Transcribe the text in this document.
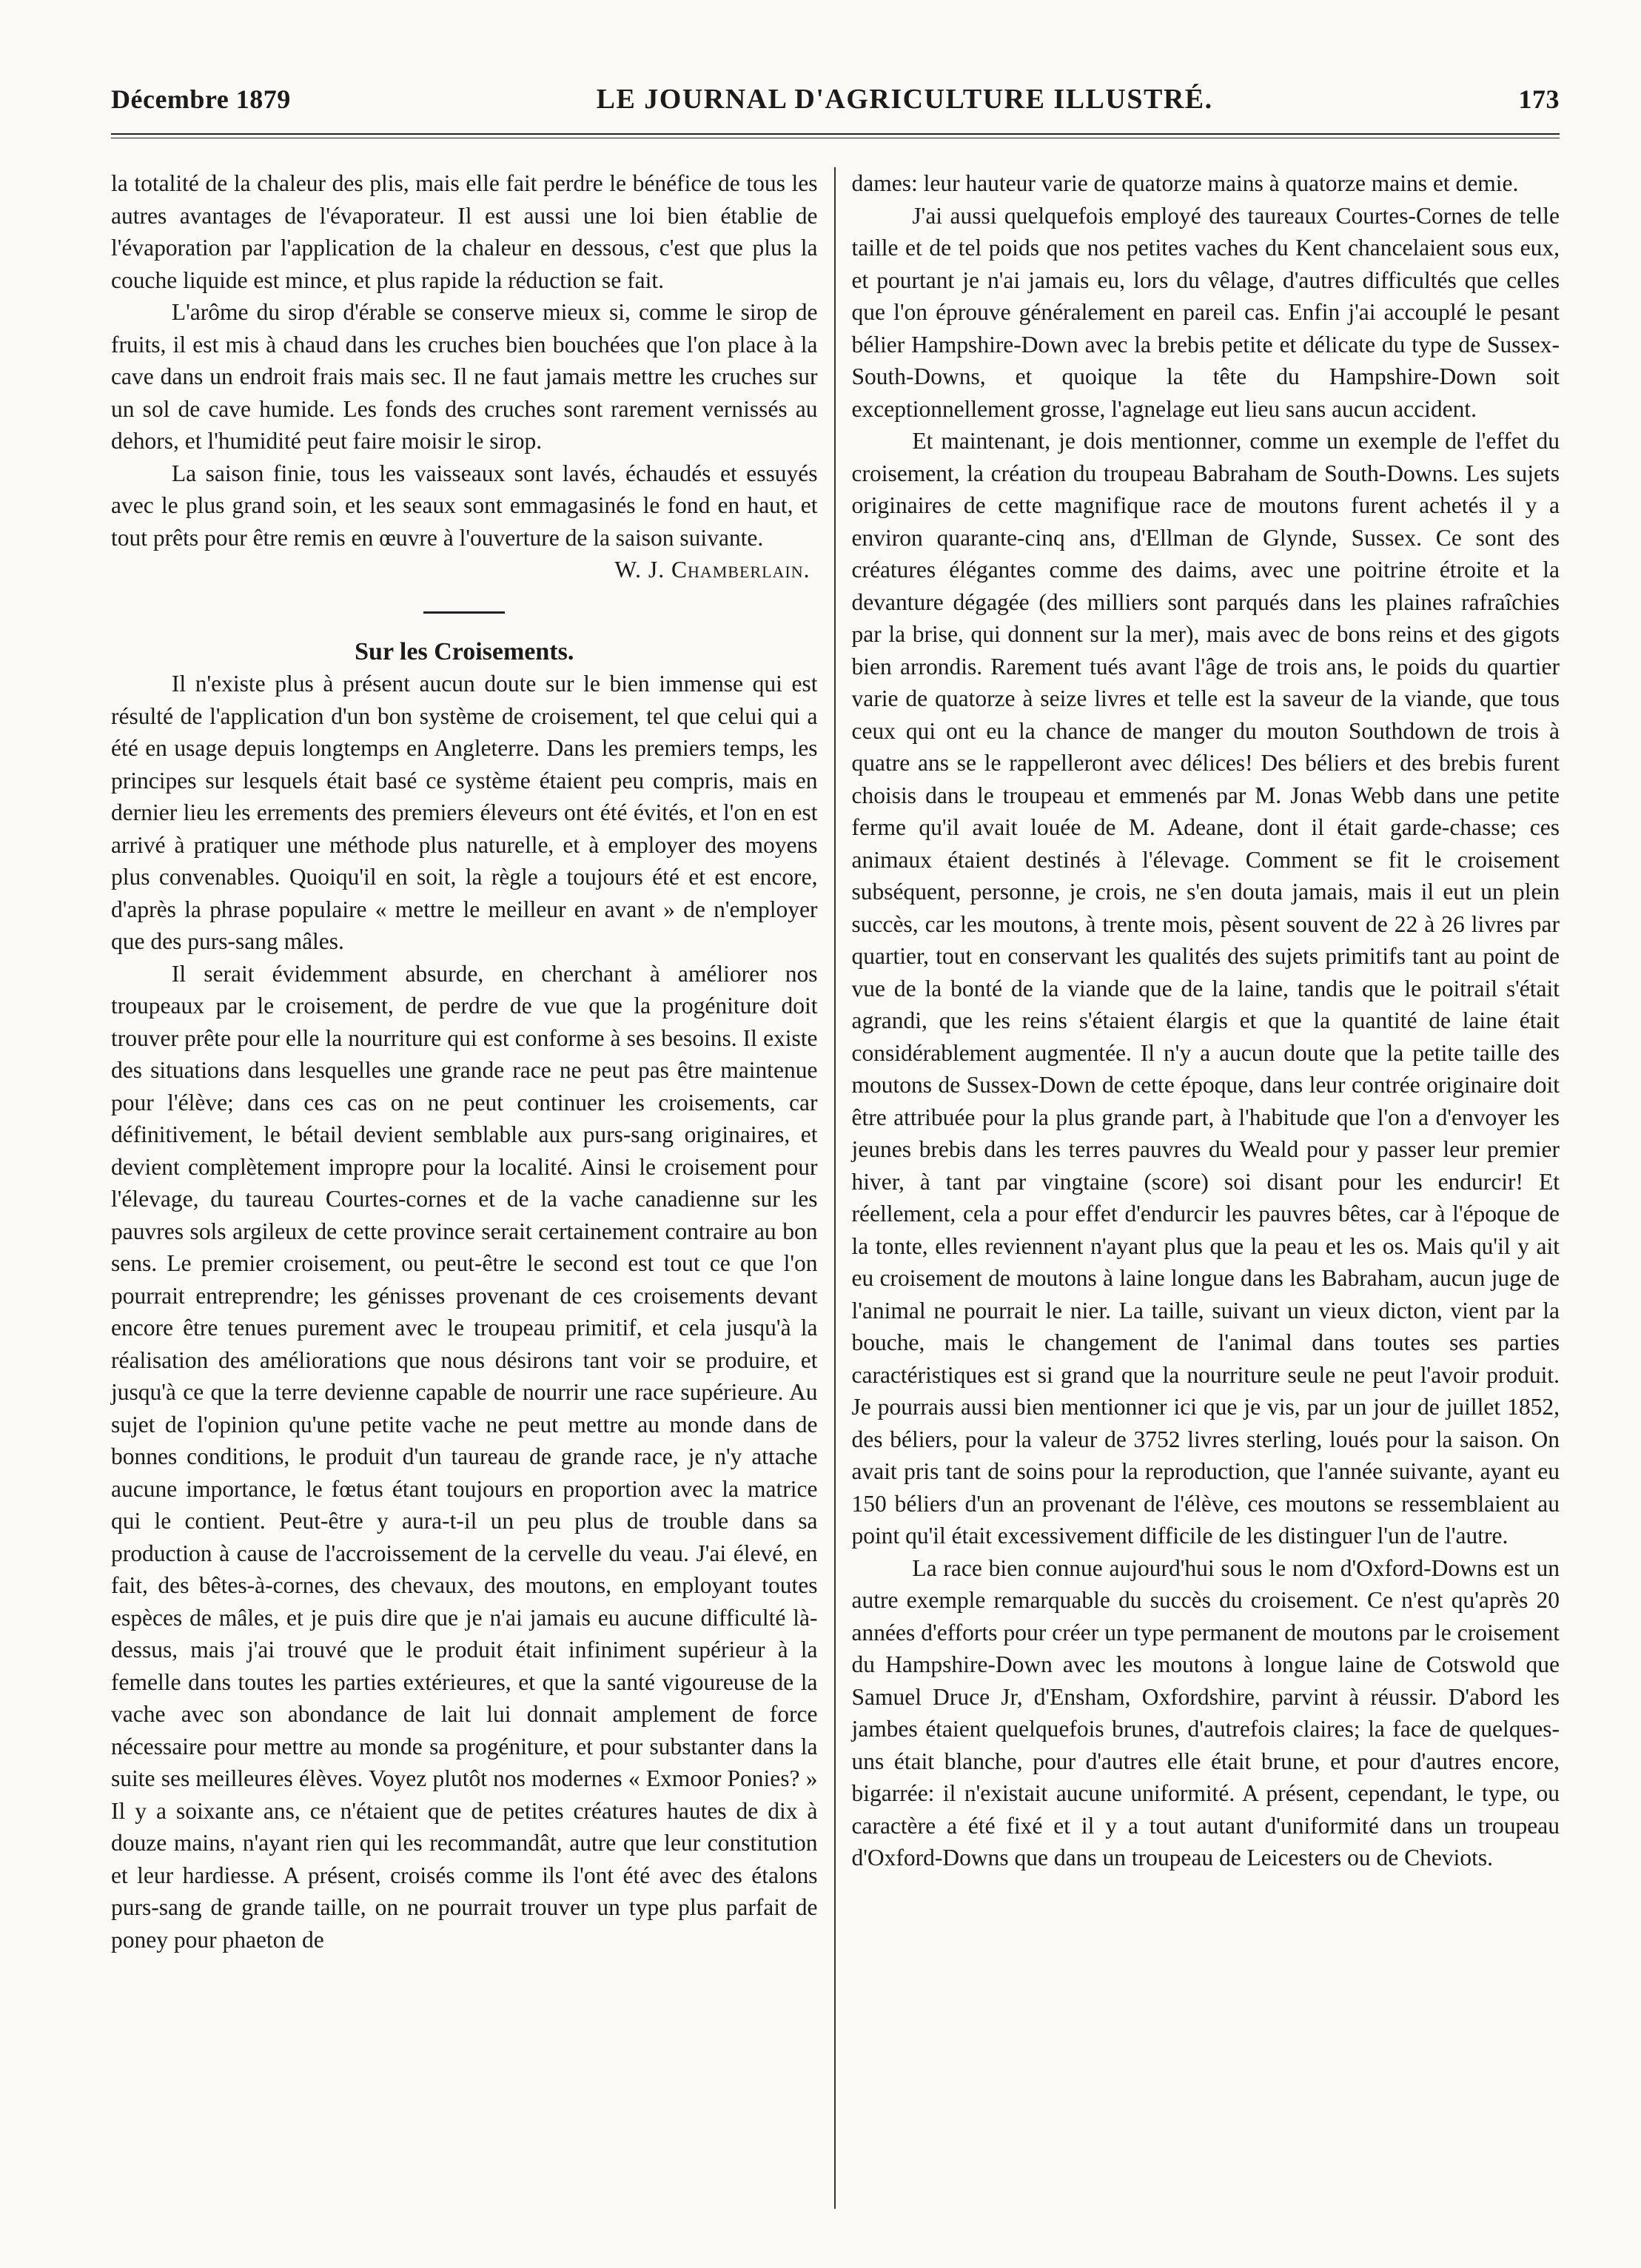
Décembre 1879	LE JOURNAL D'AGRICULTURE ILLUSTRÉ.	173

la totalité de la chaleur des plis, mais elle fait perdre le bénéfice de tous les autres avantages de l'évaporateur. Il est aussi une loi bien établie de l'évaporation par l'application de la chaleur en dessous, c'est que plus la couche liquide est mince, et plus rapide la réduction se fait.

L'arôme du sirop d'érable se conserve mieux si, comme le sirop de fruits, il est mis à chaud dans les cruches bien bouchées que l'on place à la cave dans un endroit frais mais sec. Il ne faut jamais mettre les cruches sur un sol de cave humide. Les fonds des cruches sont rarement vernissés au dehors, et l'humidité peut faire moisir le sirop.

La saison finie, tous les vaisseaux sont lavés, échaudés et essuyés avec le plus grand soin, et les seaux sont emmagasinés le fond en haut, et tout prêts pour être remis en œuvre à l'ouverture de la saison suivante.

W. J. Chamberlain.

Sur les Croisements.

Il n'existe plus à présent aucun doute sur le bien immense qui est résulté de l'application d'un bon système de croisement, tel que celui qui a été en usage depuis longtemps en Angleterre. Dans les premiers temps, les principes sur lesquels était basé ce système étaient peu compris, mais en dernier lieu les errements des premiers éleveurs ont été évités, et l'on en est arrivé à pratiquer une méthode plus naturelle, et à employer des moyens plus convenables. Quoiqu'il en soit, la règle a toujours été et est encore, d'après la phrase populaire « mettre le meilleur en avant » de n'employer que des purs-sang mâles.

Il serait évidemment absurde, en cherchant à améliorer nos troupeaux par le croisement, de perdre de vue que la progéniture doit trouver prête pour elle la nourriture qui est conforme à ses besoins. Il existe des situations dans lesquelles une grande race ne peut pas être maintenue pour l'élève; dans ces cas on ne peut continuer les croisements, car définitivement, le bétail devient semblable aux purs-sang originaires, et devient complètement impropre pour la localité. Ainsi le croisement pour l'élevage, du taureau Courtes-cornes et de la vache canadienne sur les pauvres sols argileux de cette province serait certainement contraire au bon sens. Le premier croisement, ou peut-être le second est tout ce que l'on pourrait entreprendre; les génisses provenant de ces croisements devant encore être tenues purement avec le troupeau primitif, et cela jusqu'à la réalisation des améliorations que nous désirons tant voir se produire, et jusqu'à ce que la terre devienne capable de nourrir une race supérieure. Au sujet de l'opinion qu'une petite vache ne peut mettre au monde dans de bonnes conditions, le produit d'un taureau de grande race, je n'y attache aucune importance, le fœtus étant toujours en proportion avec la matrice qui le contient. Peut-être y aura-t-il un peu plus de trouble dans sa production à cause de l'accroissement de la cervelle du veau. J'ai élevé, en fait, des bêtes-à-cornes, des chevaux, des moutons, en employant toutes espèces de mâles, et je puis dire que je n'ai jamais eu aucune difficulté là-dessus, mais j'ai trouvé que le produit était infiniment supérieur à la femelle dans toutes les parties extérieures, et que la santé vigoureuse de la vache avec son abondance de lait lui donnait amplement de force nécessaire pour mettre au monde sa progéniture, et pour substanter dans la suite ses meilleures élèves. Voyez plutôt nos modernes « Exmoor Ponies? » Il y a soixante ans, ce n'étaient que de petites créatures hautes de dix à douze mains, n'ayant rien qui les recommandât, autre que leur constitution et leur hardiesse. A présent, croisés comme ils l'ont été avec des étalons purs-sang de grande taille, on ne pourrait trouver un type plus parfait de poney pour phaeton de

dames: leur hauteur varie de quatorze mains à quatorze mains et demie.

J'ai aussi quelquefois employé des taureaux Courtes-Cornes de telle taille et de tel poids que nos petites vaches du Kent chancelaient sous eux, et pourtant je n'ai jamais eu, lors du vêlage, d'autres difficultés que celles que l'on éprouve généralement en pareil cas. Enfin j'ai accouplé le pesant bélier Hampshire-Down avec la brebis petite et délicate du type de Sussex-South-Downs, et quoique la tête du Hampshire-Down soit exceptionnellement grosse, l'agnelage eut lieu sans aucun accident.

Et maintenant, je dois mentionner, comme un exemple de l'effet du croisement, la création du troupeau Babraham de South-Downs. Les sujets originaires de cette magnifique race de moutons furent achetés il y a environ quarante-cinq ans, d'Ellman de Glynde, Sussex. Ce sont des créatures élégantes comme des daims, avec une poitrine étroite et la devanture dégagée (des milliers sont parqués dans les plaines rafraîchies par la brise, qui donnent sur la mer), mais avec de bons reins et des gigots bien arrondis. Rarement tués avant l'âge de trois ans, le poids du quartier varie de quatorze à seize livres et telle est la saveur de la viande, que tous ceux qui ont eu la chance de manger du mouton Southdown de trois à quatre ans se le rappelleront avec délices! Des béliers et des brebis furent choisis dans le troupeau et emmenés par M. Jonas Webb dans une petite ferme qu'il avait louée de M. Adeane, dont il était garde-chasse; ces animaux étaient destinés à l'élevage. Comment se fit le croisement subséquent, personne, je crois, ne s'en douta jamais, mais il eut un plein succès, car les moutons, à trente mois, pèsent souvent de 22 à 26 livres par quartier, tout en conservant les qualités des sujets primitifs tant au point de vue de la bonté de la viande que de la laine, tandis que le poitrail s'était agrandi, que les reins s'étaient élargis et que la quantité de laine était considérablement augmentée. Il n'y a aucun doute que la petite taille des moutons de Sussex-Down de cette époque, dans leur contrée originaire doit être attribuée pour la plus grande part, à l'habitude que l'on a d'envoyer les jeunes brebis dans les terres pauvres du Weald pour y passer leur premier hiver, à tant par vingtaine (score) soi disant pour les endurcir! Et réellement, cela a pour effet d'endurcir les pauvres bêtes, car à l'époque de la tonte, elles reviennent n'ayant plus que la peau et les os. Mais qu'il y ait eu croisement de moutons à laine longue dans les Babraham, aucun juge de l'animal ne pourrait le nier. La taille, suivant un vieux dicton, vient par la bouche, mais le changement de l'animal dans toutes ses parties caractéristiques est si grand que la nourriture seule ne peut l'avoir produit. Je pourrais aussi bien mentionner ici que je vis, par un jour de juillet 1852, des béliers, pour la valeur de 3752 livres sterling, loués pour la saison. On avait pris tant de soins pour la reproduction, que l'année suivante, ayant eu 150 béliers d'un an provenant de l'élève, ces moutons se ressemblaient au point qu'il était excessivement difficile de les distinguer l'un de l'autre.

La race bien connue aujourd'hui sous le nom d'Oxford-Downs est un autre exemple remarquable du succès du croisement. Ce n'est qu'après 20 années d'efforts pour créer un type permanent de moutons par le croisement du Hampshire-Down avec les moutons à longue laine de Cotswold que Samuel Druce Jr, d'Ensham, Oxfordshire, parvint à réussir. D'abord les jambes étaient quelquefois brunes, d'autrefois claires; la face de quelques-uns était blanche, pour d'autres elle était brune, et pour d'autres encore, bigarrée: il n'existait aucune uniformité. A présent, cependant, le type, ou caractère a été fixé et il y a tout autant d'uniformité dans un troupeau d'Oxford-Downs que dans un troupeau de Leicesters ou de Cheviots.
